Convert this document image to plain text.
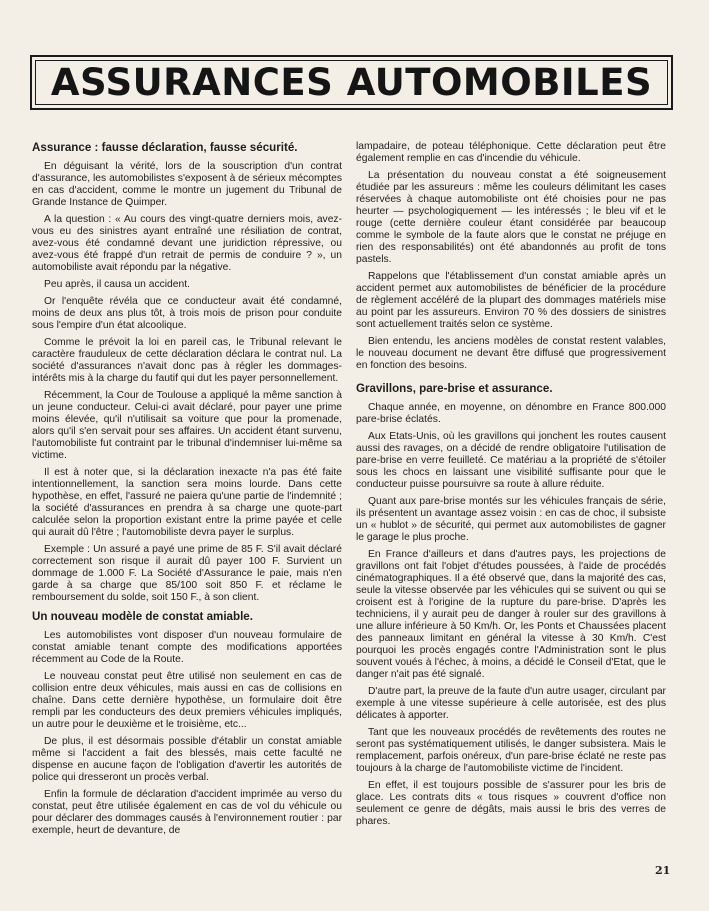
ASSURANCES AUTOMOBILES
Assurance : fausse déclaration, fausse sécurité.

En déguisant la vérité, lors de la souscription d'un contrat d'assurance, les automobilistes s'exposent à de sérieux mécomptes en cas d'accident, comme le montre un jugement du Tribunal de Grande Instance de Quimper.

A la question : « Au cours des vingt-quatre derniers mois, avez-vous eu des sinistres ayant entraîné une résiliation de contrat, avez-vous été condamné devant une juridiction répressive, ou avez-vous été frappé d'un retrait de permis de conduire ? », un automobiliste avait répondu par la négative.

Peu après, il causa un accident.

Or l'enquête révéla que ce conducteur avait été condamné, moins de deux ans plus tôt, à trois mois de prison pour conduite sous l'empire d'un état alcoolique.

Comme le prévoit la loi en pareil cas, le Tribunal relevant le caractère frauduleux de cette déclaration déclara le contrat nul. La société d'assurances n'avait donc pas à régler les dommages-intérêts mis à la charge du fautif qui dut les payer personnellement.

Récemment, la Cour de Toulouse a appliqué la même sanction à un jeune conducteur. Celui-ci avait déclaré, pour payer une prime moins élevée, qu'il n'utilisait sa voiture que pour la promenade, alors qu'il s'en servait pour ses affaires. Un accident étant survenu, l'automobiliste fut contraint par le tribunal d'indemniser lui-même sa victime.

Il est à noter que, si la déclaration inexacte n'a pas été faite intentionnellement, la sanction sera moins lourde. Dans cette hypothèse, en effet, l'assuré ne paiera qu'une partie de l'indemnité ; la société d'assurances en prendra à sa charge une quote-part calculée selon la proportion existant entre la prime payée et celle qui aurait dû l'être ; l'automobiliste devra payer le surplus.

Exemple : Un assuré a payé une prime de 85 F. S'il avait déclaré correctement son risque il aurait dû payer 100 F. Survient un dommage de 1.000 F. La Société d'Assurance le paie, mais n'en garde à sa charge que 85/100 soit 850 F. et réclame le remboursement du solde, soit 150 F., à son client.

Un nouveau modèle de constat amiable.

Les automobilistes vont disposer d'un nouveau formulaire de constat amiable tenant compte des modifications apportées récemment au Code de la Route.

Le nouveau constat peut être utilisé non seulement en cas de collision entre deux véhicules, mais aussi en cas de collisions en chaîne. Dans cette dernière hypothèse, un formulaire doit être rempli par les conducteurs des deux premiers véhicules impliqués, un autre pour le deuxième et le troisième, etc...

De plus, il est désormais possible d'établir un constat amiable même si l'accident a fait des blessés, mais cette faculté ne dispense en aucune façon de l'obligation d'avertir les autorités de police qui dresseront un procès verbal.

Enfin la formule de déclaration d'accident imprimée au verso du constat, peut être utilisée également en cas de vol du véhicule ou pour déclarer des dommages causés à l'environnement routier : par exemple, heurt de devanture, de

lampadaire, de poteau téléphonique. Cette déclaration peut être également remplie en cas d'incendie du véhicule.

La présentation du nouveau constat a été soigneusement étudiée par les assureurs : même les couleurs délimitant les cases réservées à chaque automobiliste ont été choisies pour ne pas heurter — psychologiquement — les intéressés ; le bleu vif et le rouge (cette dernière couleur étant considérée par beaucoup comme le symbole de la faute alors que le constat ne préjuge en rien des responsabilités) ont été abandonnés au profit de tons pastels.

Rappelons que l'établissement d'un constat amiable après un accident permet aux automobilistes de bénéficier de la procédure de règlement accéléré de la plupart des dommages matériels mise au point par les assureurs. Environ 70 % des dossiers de sinistres sont actuellement traités selon ce système.

Bien entendu, les anciens modèles de constat restent valables, le nouveau document ne devant être diffusé que progressivement en fonction des besoins.

Gravillons, pare-brise et assurance.

Chaque année, en moyenne, on dénombre en France 800.000 pare-brise éclatés.

Aux Etats-Unis, où les gravillons qui jonchent les routes causent aussi des ravages, on a décidé de rendre obligatoire l'utilisation de pare-brise en verre feuilleté. Ce matériau a la propriété de s'étoiler sous les chocs en laissant une visibilité suffisante pour que le conducteur puisse poursuivre sa route à allure réduite.

Quant aux pare-brise montés sur les véhicules français de série, ils présentent un avantage assez voisin : en cas de choc, il subsiste un « hublot » de sécurité, qui permet aux automobilistes de gagner le garage le plus proche.

En France d'ailleurs et dans d'autres pays, les projections de gravillons ont fait l'objet d'études poussées, à l'aide de procédés cinématographiques. Il a été observé que, dans la majorité des cas, seule la vitesse observée par les véhicules qui se suivent ou qui se croisent est à l'origine de la rupture du pare-brise. D'après les techniciens, il y aurait peu de danger à rouler sur des gravillons à une allure inférieure à 50 Km/h. Or, les Ponts et Chaussées placent des panneaux limitant en général la vitesse à 30 Km/h. C'est pourquoi les procès engagés contre l'Administration sont le plus souvent voués à l'échec, à moins, a décidé le Conseil d'Etat, que le danger n'ait pas été signalé.

D'autre part, la preuve de la faute d'un autre usager, circulant par exemple à une vitesse supérieure à celle autorisée, est des plus délicates à apporter.

Tant que les nouveaux procédés de revêtements des routes ne seront pas systématiquement utilisés, le danger subsistera. Mais le remplacement, parfois onéreux, d'un pare-brise éclaté ne reste pas toujours à la charge de l'automobiliste victime de l'incident.

En effet, il est toujours possible de s'assurer pour les bris de glace. Les contrats dits « tous risques » couvrent d'office non seulement ce genre de dégâts, mais aussi le bris des verres de phares.

21
